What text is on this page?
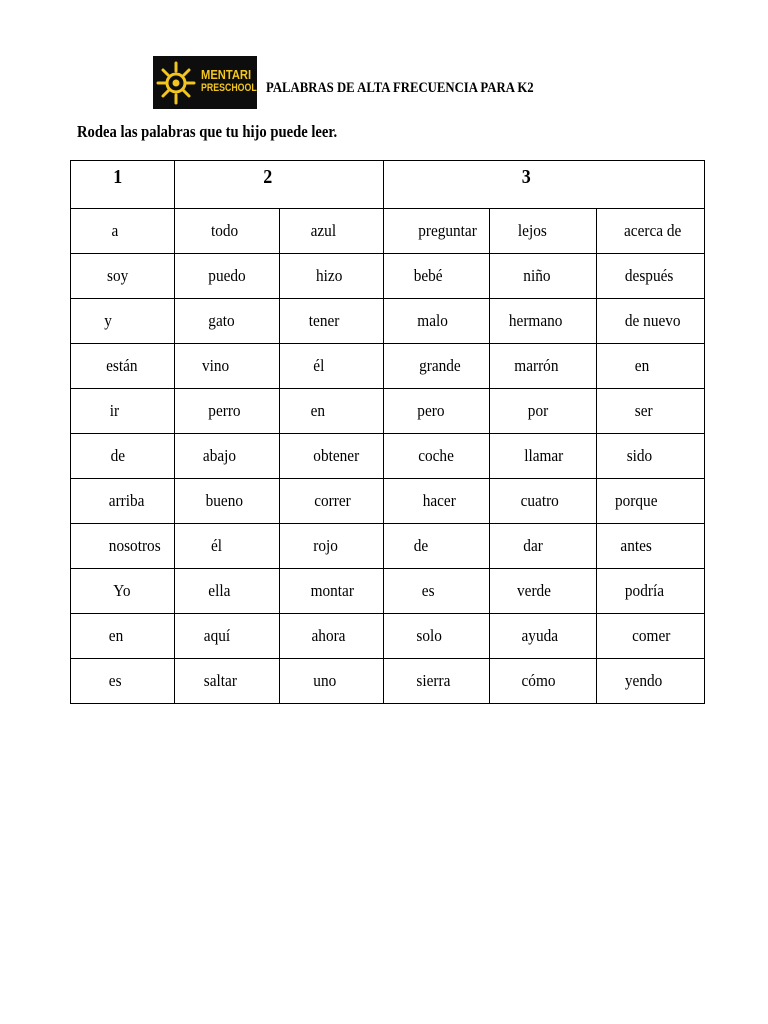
MENTARI
PRESCHOOL PALABRAS DE ALTA FRECUENCIA PARA K2
Rodea las palabras que tu hijo puede leer.
1	2		3		
a	todo	azul	preguntar	lejos	acerca de
soy	puedo	hizo	bebé	niño	después
y	gato	tener	malo	hermano	de nuevo
están	vino	él	grande	marrón	en
ir	perro	en	pero	por	ser
de	abajo	obtener	coche	llamar	sido
arriba	bueno	correr	hacer	cuatro	porque
nosotros	él	rojo	de	dar	antes
Yo	ella	montar	es	verde	podría
en	aquí	ahora	solo	ayuda	comer
es	saltar	uno	sierra	cómo	yendo
